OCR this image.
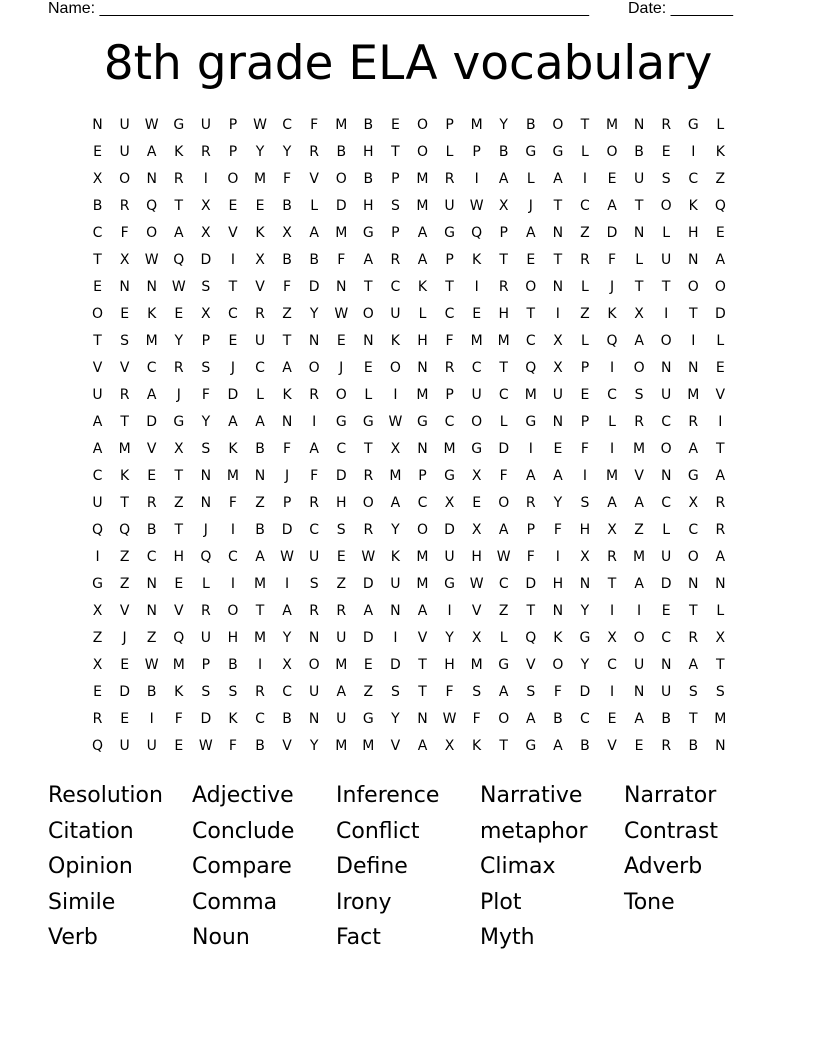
Name: _______________________________________________________ Date: _______
8th grade ELA vocabulary
N	U	W	G	U	P	W	C	F	M	B	E	O	P	M	Y	B	O	T	M	N	R	G	L
E	U	A	K	R	P	Y	Y	R	B	H	T	O	L	P	B	G	G	L	O	B	E	I	K
X	O	N	R	I	O	M	F	V	O	B	P	M	R	I	A	L	A	I	E	U	S	C	Z
B	R	Q	T	X	E	E	B	L	D	H	S	M	U	W	X	J	T	C	A	T	O	K	Q
C	F	O	A	X	V	K	X	A	M	G	P	A	G	Q	P	A	N	Z	D	N	L	H	E
T	X	W	Q	D	I	X	B	B	F	A	R	A	P	K	T	E	T	R	F	L	U	N	A
E	N	N	W	S	T	V	F	D	N	T	C	K	T	I	R	O	N	L	J	T	T	O	O
O	E	K	E	X	C	R	Z	Y	W	O	U	L	C	E	H	T	I	Z	K	X	I	T	D
T	S	M	Y	P	E	U	T	N	E	N	K	H	F	M	M	C	X	L	Q	A	O	I	L
V	V	C	R	S	J	C	A	O	J	E	O	N	R	C	T	Q	X	P	I	O	N	N	E
U	R	A	J	F	D	L	K	R	O	L	I	M	P	U	C	M	U	E	C	S	U	M	V
A	T	D	G	Y	A	A	N	I	G	G	W	G	C	O	L	G	N	P	L	R	C	R	I
A	M	V	X	S	K	B	F	A	C	T	X	N	M	G	D	I	E	F	I	M	O	A	T
C	K	E	T	N	M	N	J	F	D	R	M	P	G	X	F	A	A	I	M	V	N	G	A
U	T	R	Z	N	F	Z	P	R	H	O	A	C	X	E	O	R	Y	S	A	A	C	X	R
Q	Q	B	T	J	I	B	D	C	S	R	Y	O	D	X	A	P	F	H	X	Z	L	C	R
I	Z	C	H	Q	C	A	W	U	E	W	K	M	U	H	W	F	I	X	R	M	U	O	A
G	Z	N	E	L	I	M	I	S	Z	D	U	M	G	W	C	D	H	N	T	A	D	N	N
X	V	N	V	R	O	T	A	R	R	A	N	A	I	V	Z	T	N	Y	I	I	E	T	L
Z	J	Z	Q	U	H	M	Y	N	U	D	I	V	Y	X	L	Q	K	G	X	O	C	R	X
X	E	W	M	P	B	I	X	O	M	E	D	T	H	M	G	V	O	Y	C	U	N	A	T
E	D	B	K	S	S	R	C	U	A	Z	S	T	F	S	A	S	F	D	I	N	U	S	S
R	E	I	F	D	K	C	B	N	U	G	Y	N	W	F	O	A	B	C	E	A	B	T	M
Q	U	U	E	W	F	B	V	Y	M	M	V	A	X	K	T	G	A	B	V	E	R	B	N
Resolution	Adjective	Inference	Narrative	Narrator
Citation	Conclude	Conflict	metaphor	Contrast
Opinion	Compare	Define	Climax	Adverb
Simile	Comma	Irony	Plot	Tone
Verb	Noun	Fact	Myth
